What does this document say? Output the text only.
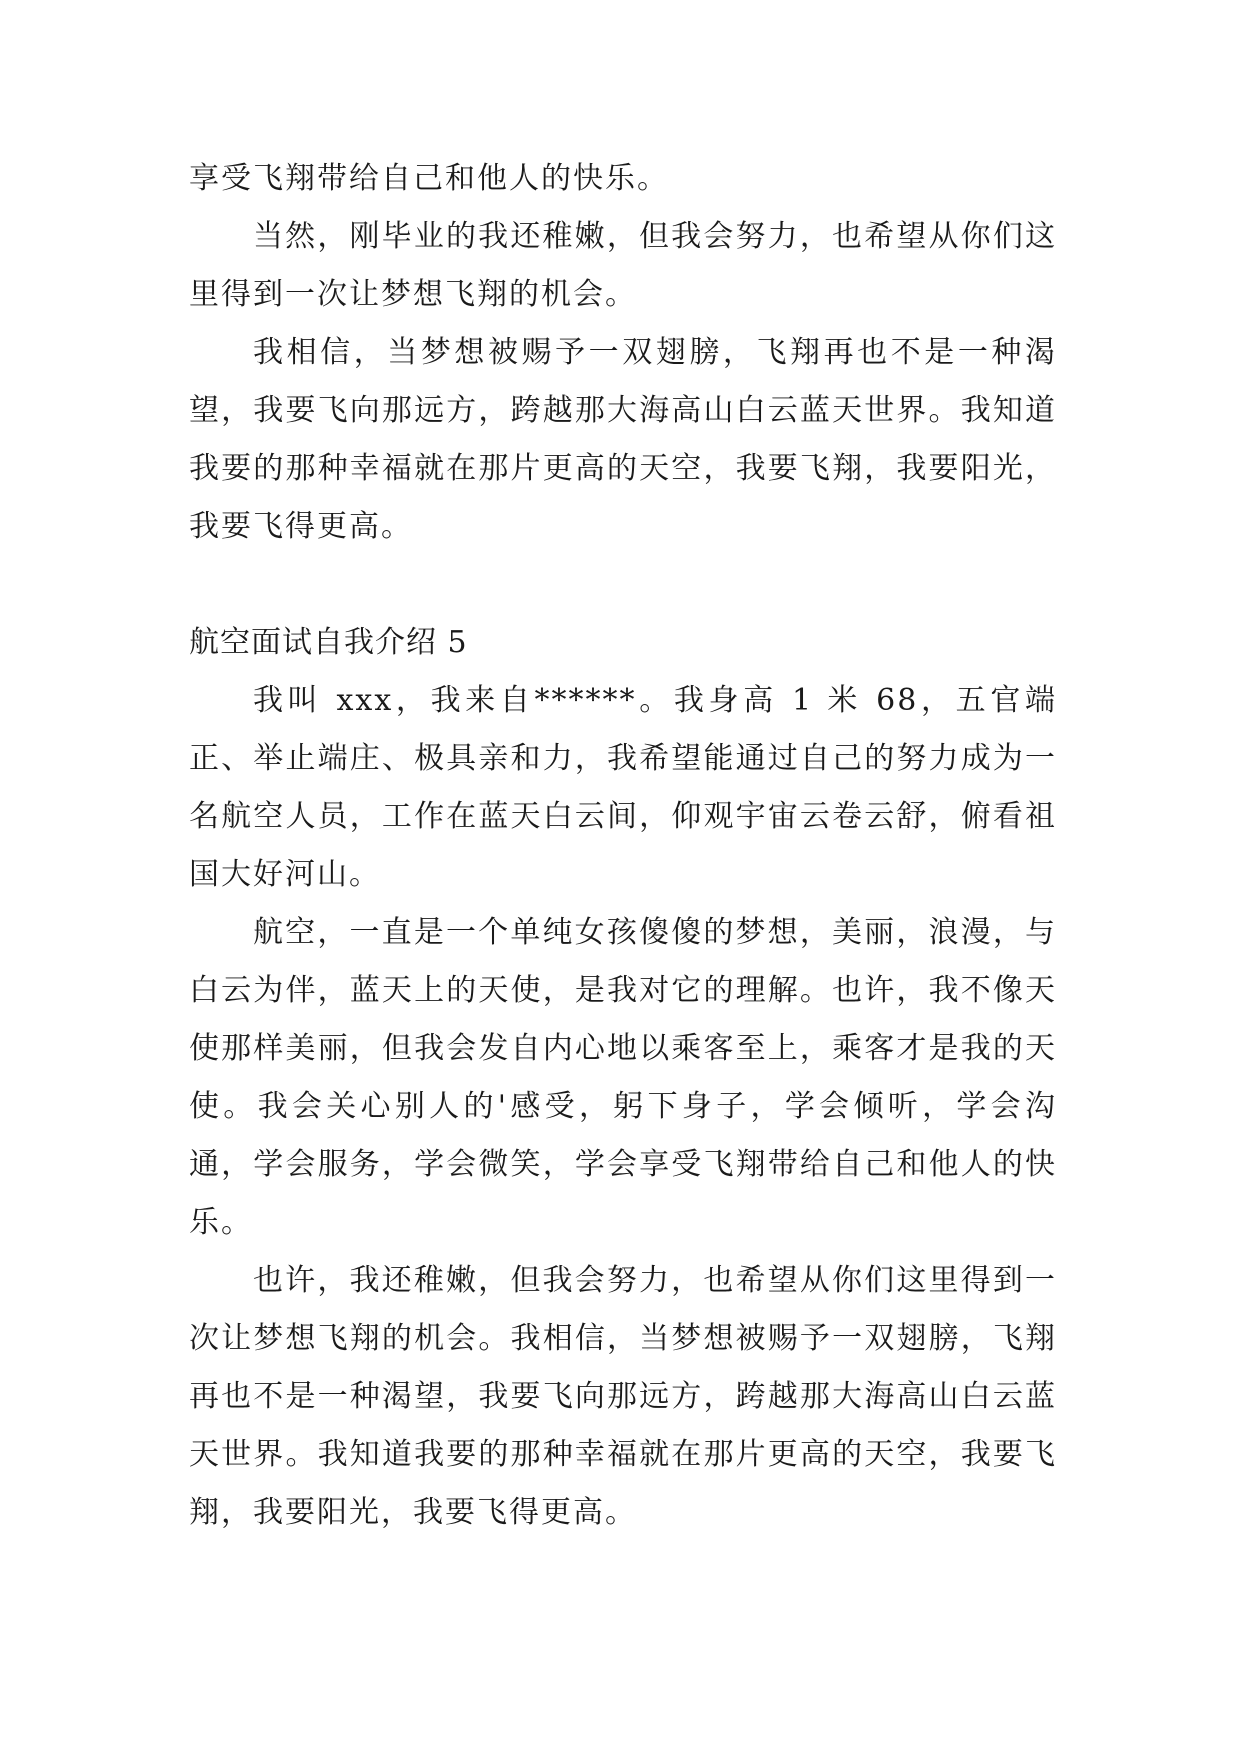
享受飞翔带给自己和他人的快乐。

当然，刚毕业的我还稚嫩，但我会努力，也希望从你们这里得到一次让梦想飞翔的机会。

我相信，当梦想被赐予一双翅膀，飞翔再也不是一种渴望，我要飞向那远方，跨越那大海高山白云蓝天世界。我知道我要的那种幸福就在那片更高的天空，我要飞翔，我要阳光，我要飞得更高。

航空面试自我介绍 5

我叫 xxx，我来自******。我身高 1 米 68，五官端正、举止端庄、极具亲和力，我希望能通过自己的努力成为一名航空人员，工作在蓝天白云间，仰观宇宙云卷云舒，俯看祖国大好河山。

航空，一直是一个单纯女孩傻傻的梦想，美丽，浪漫，与白云为伴，蓝天上的天使，是我对它的理解。也许，我不像天使那样美丽，但我会发自内心地以乘客至上，乘客才是我的天使。我会关心别人的'感受，躬下身子，学会倾听，学会沟通，学会服务，学会微笑，学会享受飞翔带给自己和他人的快乐。

也许，我还稚嫩，但我会努力，也希望从你们这里得到一次让梦想飞翔的机会。我相信，当梦想被赐予一双翅膀，飞翔再也不是一种渴望，我要飞向那远方，跨越那大海高山白云蓝天世界。我知道我要的那种幸福就在那片更高的天空，我要飞翔，我要阳光，我要飞得更高。
